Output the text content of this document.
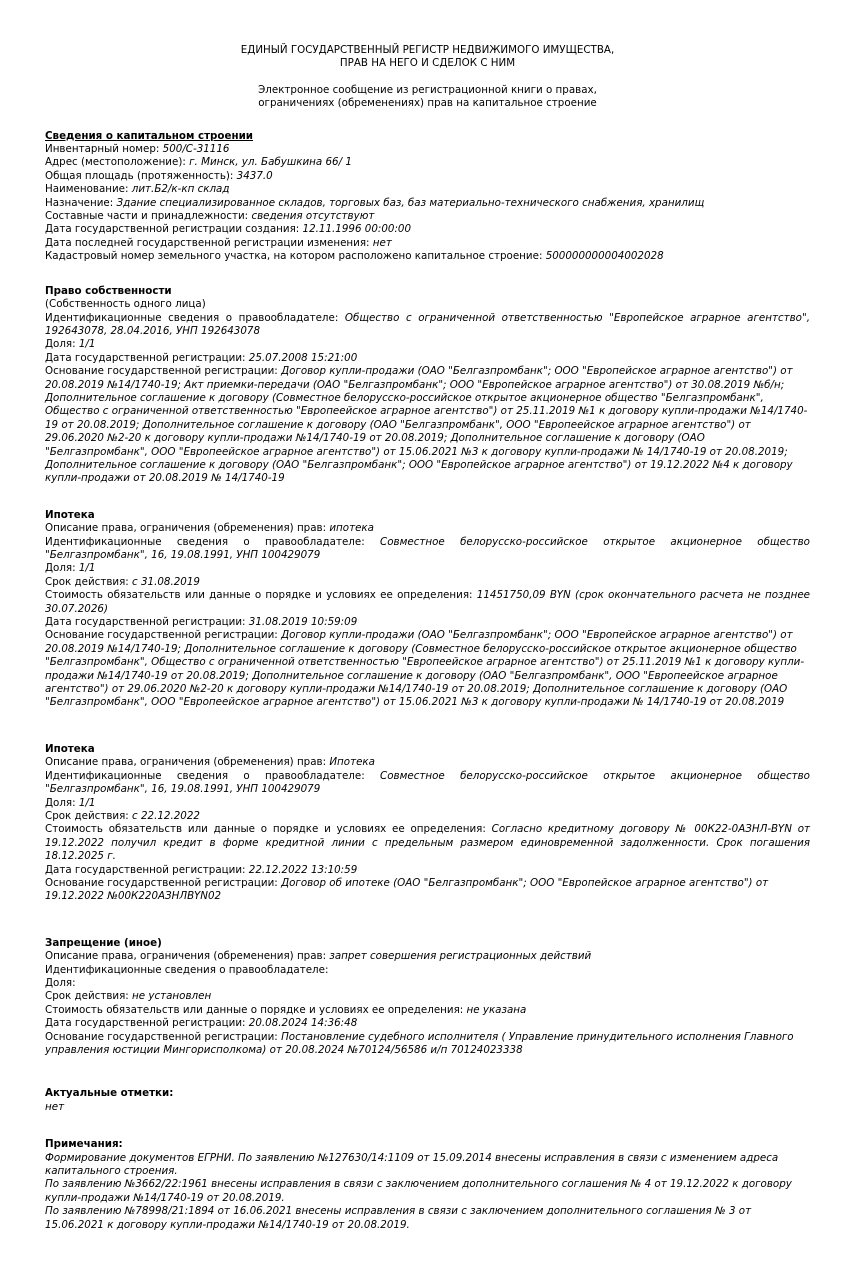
ЕДИНЫЙ ГОСУДАРСТВЕННЫЙ РЕГИСТР НЕДВИЖИМОГО ИМУЩЕСТВА,
ПРАВ НА НЕГО И СДЕЛОК С НИМ
Электронное сообщение из регистрационной книги о правах,
ограничениях (обременениях) прав на капитальное строение
Сведения о капитальном строении

Инвентарный номер: 500/С-31116

Адрес (местоположение): г. Минск, ул. Бабушкина 66/ 1

Общая площадь (протяженность): 3437.0

Наименование: лит.Б2/к-кп склад

Назначение: Здание специализированное складов, торговых баз, баз материально-технического снабжения, хранилищ

Составные части и принадлежности: сведения отсутствуют

Дата государственной регистрации создания: 12.11.1996 00:00:00

Дата последней государственной регистрации изменения: нет

Кадастровый номер земельного участка, на котором расположено капитальное строение: 500000000004002028

Право собственности

(Собственность одного лица)

Идентификационные сведения о правообладателе: Общество с ограниченной ответственностью "Европейское аграрное агентство", 192643078, 28.04.2016, УНП 192643078

Доля: 1/1

Дата государственной регистрации: 25.07.2008 15:21:00

Основание государственной регистрации: Договор купли-продажи (ОАО "Белгазпромбанк"; ООО "Европейское аграрное агентство") от 20.08.2019 №14/1740-19; Акт приемки-передачи (ОАО "Белгазпромбанк"; ООО "Европейское аграрное агентство") от 30.08.2019 №б/н; Дополнительное соглашение к договору (Совместное белорусско-российское открытое акционерное общество "Белгазпромбанк", Общество с ограниченной ответственностью "Европеейское аграрное агентство") от 25.11.2019 №1 к договору купли-продажи №14/1740-19 от 20.08.2019; Дополнительное соглашение к договору (ОАО "Белгазпромбанк", ООО "Европеейское аграрное агентство") от 29.06.2020 №2-20 к договору купли-продажи №14/1740-19 от 20.08.2019; Дополнительное соглашение к договору (ОАО "Белгазпромбанк", ООО "Европеейское аграрное агентство") от 15.06.2021 №3 к договору купли-продажи № 14/1740-19 от 20.08.2019; Дополнительное соглашение к договору (ОАО "Белгазпромбанк"; ООО "Европейское аграрное агентство") от 19.12.2022 №4 к договору купли-продажи от 20.08.2019 № 14/1740-19

Ипотека

Описание права, ограничения (обременения) прав: ипотека

Идентификационные сведения о правообладателе: Совместное белорусско-российское открытое акционерное общество "Белгазпромбанк", 16, 19.08.1991, УНП 100429079

Доля: 1/1

Срок действия: с 31.08.2019

Стоимость обязательств или данные о порядке и условиях ее определения: 11451750,09 BYN (срок окончательного расчета не позднее 30.07.2026)

Дата государственной регистрации: 31.08.2019 10:59:09

Основание государственной регистрации: Договор купли-продажи (ОАО "Белгазпромбанк"; ООО "Европейское аграрное агентство") от 20.08.2019 №14/1740-19; Дополнительное соглашение к договору (Совместное белорусско-российское открытое акционерное общество "Белгазпромбанк", Общество с ограниченной ответственностью "Европеейское аграрное агентство") от 25.11.2019 №1 к договору купли-продажи №14/1740-19 от 20.08.2019; Дополнительное соглашение к договору (ОАО "Белгазпромбанк", ООО "Европеейское аграрное агентство") от 29.06.2020 №2-20 к договору купли-продажи №14/1740-19 от 20.08.2019; Дополнительное соглашение к договору (ОАО "Белгазпромбанк", ООО "Европеейское аграрное агентство") от 15.06.2021 №3 к договору купли-продажи № 14/1740-19 от 20.08.2019

Ипотека

Описание права, ограничения (обременения) прав: Ипотека

Идентификационные сведения о правообладателе: Совместное белорусско-российское открытое акционерное общество "Белгазпромбанк", 16, 19.08.1991, УНП 100429079

Доля: 1/1

Срок действия: с 22.12.2022

Стоимость обязательств или данные о порядке и условиях ее определения: Согласно кредитному договору № 00К22-0АЗНЛ-BYN от 19.12.2022 получил кредит в форме кредитной линии с предельным размером единовременной задолженности. Срок погашения 18.12.2025 г.

Дата государственной регистрации: 22.12.2022 13:10:59

Основание государственной регистрации: Договор об ипотеке (ОАО "Белгазпромбанк"; ООО "Европейское аграрное агентство") от 19.12.2022 №00К220АЗНЛBYN02

Запрещение (иное)

Описание права, ограничения (обременения) прав: запрет совершения регистрационных действий

Идентификационные сведения о правообладателе:

Доля:

Срок действия: не установлен

Стоимость обязательств или данные о порядке и условиях ее определения: не указана

Дата государственной регистрации: 20.08.2024 14:36:48

Основание государственной регистрации: Постановление судебного исполнителя ( Управление принудительного исполнения Главного управления юстиции Мингорисполкома) от 20.08.2024 №70124/56586 и/п 70124023338

Актуальные отметки:

нет

Примечания:

Формирование документов ЕГРНИ. По заявлению №127630/14:1109 от 15.09.2014 внесены исправления в связи с изменением адреса капитального строения.

По заявлению №3662/22:1961 внесены исправления в связи с заключением дополнительного соглашения № 4 от 19.12.2022 к договору купли-продажи №14/1740-19 от 20.08.2019.

По заявлению №78998/21:1894 от 16.06.2021 внесены исправления в связи с заключением дополнительного соглашения № 3 от 15.06.2021 к договору купли-продажи №14/1740-19 от 20.08.2019.
